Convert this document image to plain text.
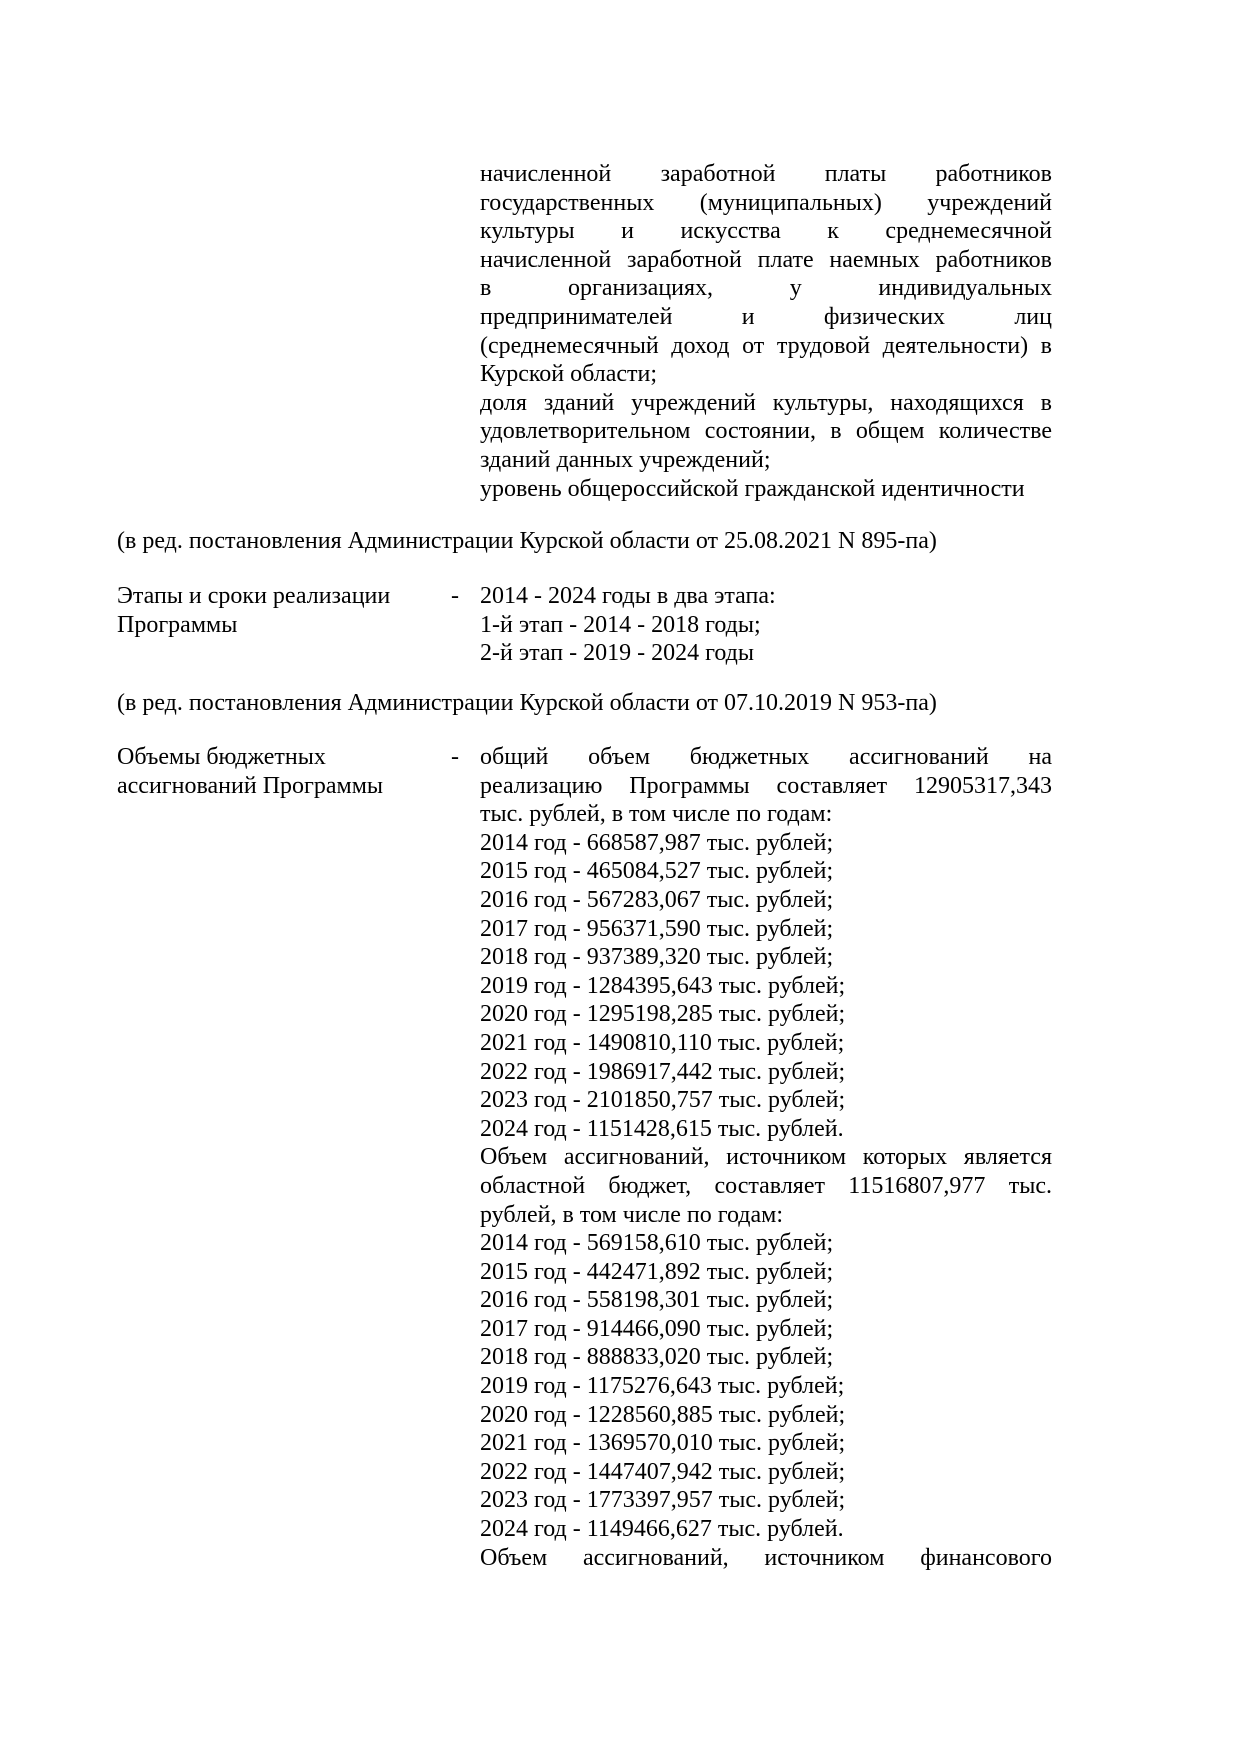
начисленной заработной платы работников
государственных (муниципальных) учреждений
культуры и искусства к среднемесячной
начисленной заработной плате наемных работников
в организациях, у индивидуальных
предпринимателей и физических лиц
(среднемесячный доход от трудовой деятельности) в
Курской области;
доля зданий учреждений культуры, находящихся в
удовлетворительном состоянии, в общем количестве
зданий данных учреждений;
уровень общероссийской гражданской идентичности
(в ред. постановления Администрации Курской области от 25.08.2021 N 895-па)
Этапы и сроки реализации
Программы
- 2014 - 2024 годы в два этапа:
1-й этап - 2014 - 2018 годы;
2-й этап - 2019 - 2024 годы
(в ред. постановления Администрации Курской области от 07.10.2019 N 953-па)
Объемы бюджетных
ассигнований Программы
- общий объем бюджетных ассигнований на
реализацию Программы составляет 12905317,343
тыс. рублей, в том числе по годам:
2014 год - 668587,987 тыс. рублей;
2015 год - 465084,527 тыс. рублей;
2016 год - 567283,067 тыс. рублей;
2017 год - 956371,590 тыс. рублей;
2018 год - 937389,320 тыс. рублей;
2019 год - 1284395,643 тыс. рублей;
2020 год - 1295198,285 тыс. рублей;
2021 год - 1490810,110 тыс. рублей;
2022 год - 1986917,442 тыс. рублей;
2023 год - 2101850,757 тыс. рублей;
2024 год - 1151428,615 тыс. рублей.
Объем ассигнований, источником которых является
областной бюджет, составляет 11516807,977 тыс.
рублей, в том числе по годам:
2014 год - 569158,610 тыс. рублей;
2015 год - 442471,892 тыс. рублей;
2016 год - 558198,301 тыс. рублей;
2017 год - 914466,090 тыс. рублей;
2018 год - 888833,020 тыс. рублей;
2019 год - 1175276,643 тыс. рублей;
2020 год - 1228560,885 тыс. рублей;
2021 год - 1369570,010 тыс. рублей;
2022 год - 1447407,942 тыс. рублей;
2023 год - 1773397,957 тыс. рублей;
2024 год - 1149466,627 тыс. рублей.
Объем ассигнований, источником финансового
